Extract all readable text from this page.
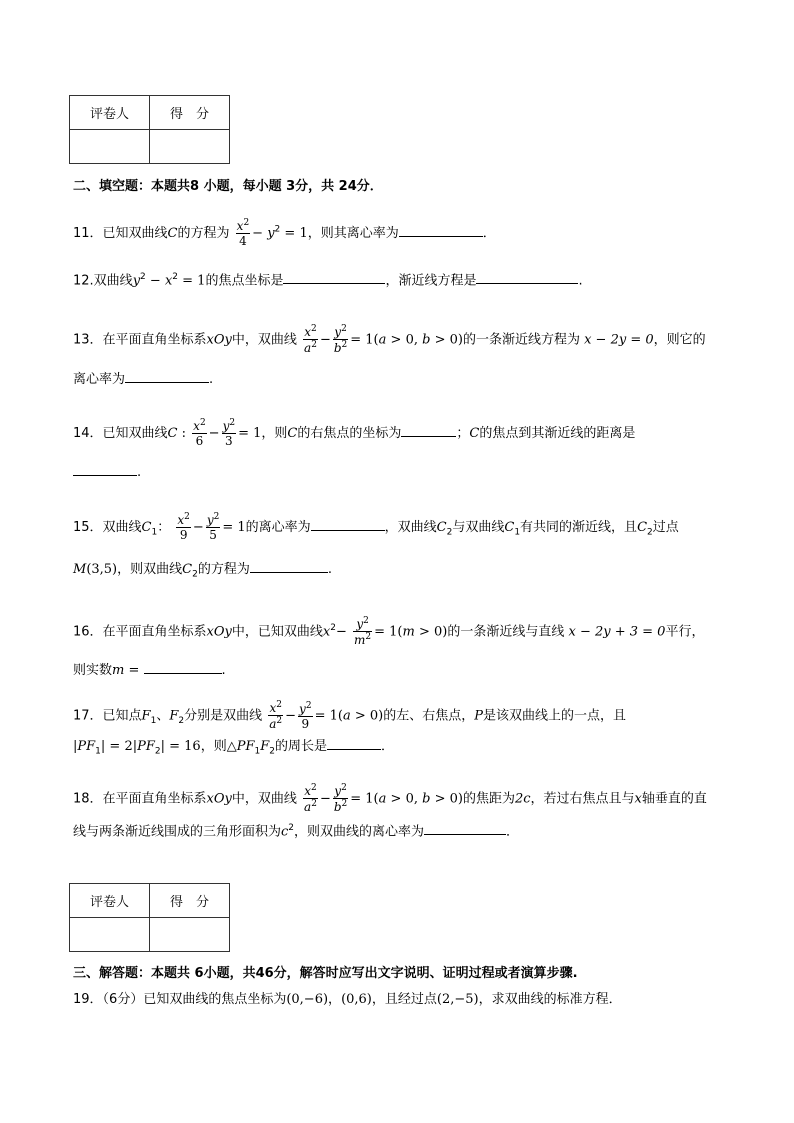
评卷人	得　分

二、填空题：本题共8 小题，每小题 3分，共 24分．
11．已知双曲线C的方程为 $\frac{x^2}{4} - y^2 = 1$，则其离心率为	．
12.双曲线$y^2 - x^2 = 1$的焦点坐标是	，渐近线方程是	.
13．在平面直角坐标系xOy中，双曲线 $\frac{x^2}{a^2} - \frac{y^2}{b^2} = 1(a > 0$, b > 0)的一条渐近线方程为 x − 2y = 0，则它的
离心率为	.
14．已知双曲线C : $\frac{x^2}{6} - \frac{y^2}{3} = 1$，则C的右焦点的坐标为	；C的焦点到其渐近线的距离是
.
15．双曲线$C_1$： $\frac{x^2}{9} - \frac{y^2}{5} = 1$的离心率为	，双曲线$C_2$与双曲线$C_1$有共同的渐近线，且$C_2$过点
M(3,5)，则双曲线$C_2$的方程为	.
16．在平面直角坐标系xOy中，已知双曲线$x^2- \frac{y^2}{m^2} = 1(m > 0)$的一条渐近线与直线 x − 2y + 3 = 0平行，
则实数m =	.
17．已知点$F_1$、$F_2$分别是双曲线 $\frac{x^2}{a^2} - \frac{y^2}{9} = 1(a > 0)$的左、右焦点，P是该双曲线上的一点，且
$|PF_1| = 2|PF_2| = 16$，则$\triangle PF_1F_2$的周长是	．
18．在平面直角坐标系xOy中，双曲线 $\frac{x^2}{a^2} - \frac{y^2}{b^2} = 1(a > 0$, b > 0)的焦距为2c，若过右焦点且与x轴垂直的直
线与两条渐近线围成的三角形面积为$c^2$，则双曲线的离心率为	．
评卷人	得　分

三、解答题：本题共 6小题，共46分，解答时应写出文字说明、证明过程或者演算步骤.
19．（6分）已知双曲线的焦点坐标为(0,−6)，(0,6)，且经过点(2,−5)，求双曲线的标准方程．
